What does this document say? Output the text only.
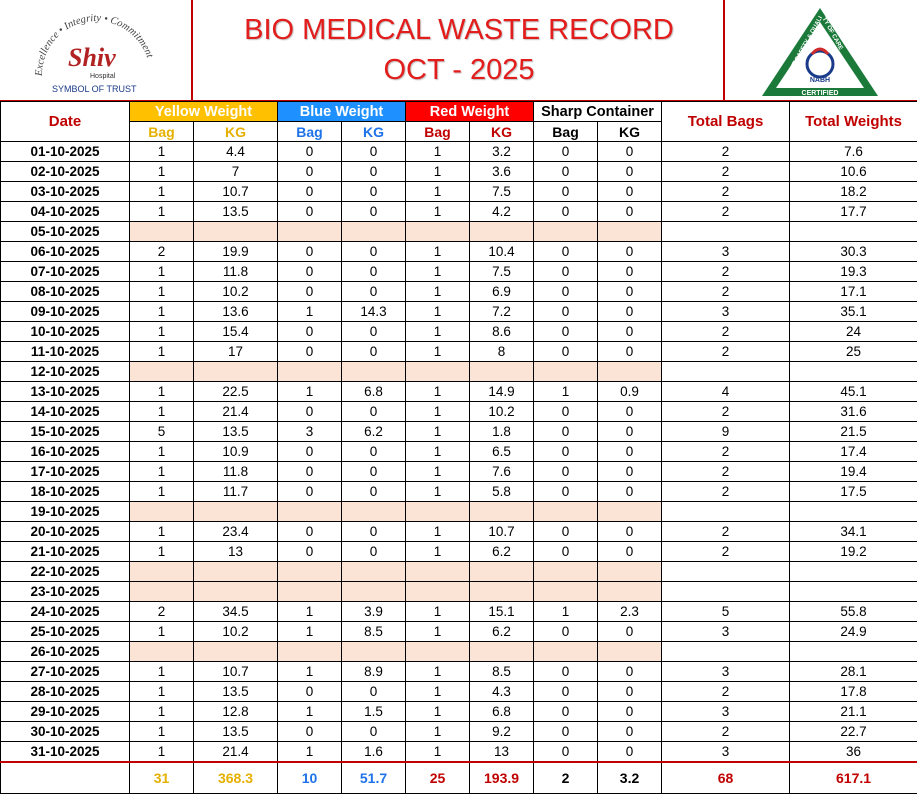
Excellence • Integrity • Commitment
Shiv
Hospital
SYMBOL OF TRUST
BIO MEDICAL WASTE RECORD
OCT - 2025	PATIENT SAFETY & QUALITY OF CARE
NABH
CERTIFIED
Date	Yellow Weight		Blue Weight		Red Weight		Sharp Container		Total Bags	Total Weights
	Bag	KG	Bag	KG	Bag	KG	Bag	KG		
01-10-2025	1	4.4	0	0	1	3.2	0	0	2	7.6
02-10-2025	1	7	0	0	1	3.6	0	0	2	10.6
03-10-2025	1	10.7	0	0	1	7.5	0	0	2	18.2
04-10-2025	1	13.5	0	0	1	4.2	0	0	2	17.7
05-10-2025										
06-10-2025	2	19.9	0	0	1	10.4	0	0	3	30.3
07-10-2025	1	11.8	0	0	1	7.5	0	0	2	19.3
08-10-2025	1	10.2	0	0	1	6.9	0	0	2	17.1
09-10-2025	1	13.6	1	14.3	1	7.2	0	0	3	35.1
10-10-2025	1	15.4	0	0	1	8.6	0	0	2	24
11-10-2025	1	17	0	0	1	8	0	0	2	25
12-10-2025										
13-10-2025	1	22.5	1	6.8	1	14.9	1	0.9	4	45.1
14-10-2025	1	21.4	0	0	1	10.2	0	0	2	31.6
15-10-2025	5	13.5	3	6.2	1	1.8	0	0	9	21.5
16-10-2025	1	10.9	0	0	1	6.5	0	0	2	17.4
17-10-2025	1	11.8	0	0	1	7.6	0	0	2	19.4
18-10-2025	1	11.7	0	0	1	5.8	0	0	2	17.5
19-10-2025										
20-10-2025	1	23.4	0	0	1	10.7	0	0	2	34.1
21-10-2025	1	13	0	0	1	6.2	0	0	2	19.2
22-10-2025										
23-10-2025										
24-10-2025	2	34.5	1	3.9	1	15.1	1	2.3	5	55.8
25-10-2025	1	10.2	1	8.5	1	6.2	0	0	3	24.9
26-10-2025										
27-10-2025	1	10.7	1	8.9	1	8.5	0	0	3	28.1
28-10-2025	1	13.5	0	0	1	4.3	0	0	2	17.8
29-10-2025	1	12.8	1	1.5	1	6.8	0	0	3	21.1
30-10-2025	1	13.5	0	0	1	9.2	0	0	2	22.7
31-10-2025	1	21.4	1	1.6	1	13	0	0	3	36
	31	368.3	10	51.7	25	193.9	2	3.2	68	617.1
